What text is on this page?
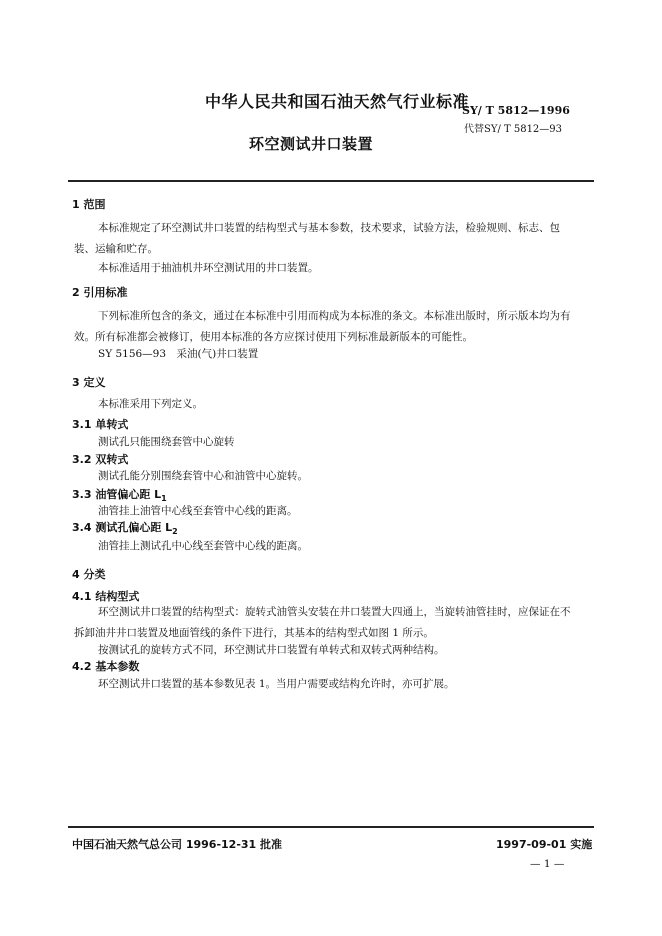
中华人民共和国石油天然气行业标准
SY/ T 5812—1996
代替SY/ T 5812—93
环空测试井口装置
1 范围
本标准规定了环空测试井口装置的结构型式与基本参数，技术要求，试验方法，检验规则、标志、包装、运输和贮存。
本标准适用于抽油机井环空测试用的井口装置。
2 引用标准
下列标准所包含的条文，通过在本标准中引用而构成为本标准的条文。本标准出版时，所示版本均为有效。所有标准都会被修订，使用本标准的各方应探讨使用下列标准最新版本的可能性。
SY 5156—93　采油(气)井口装置
3 定义
本标准采用下列定义。
3.1 单转式
测试孔只能围绕套管中心旋转
3.2 双转式
测试孔能分别围绕套管中心和油管中心旋转。
3.3 油管偏心距 $L_1$
油管挂上油管中心线至套管中心线的距离。
3.4 测试孔偏心距 $L_2$
油管挂上测试孔中心线至套管中心线的距离。
4 分类
4.1 结构型式
环空测试井口装置的结构型式：旋转式油管头安装在井口装置大四通上，当旋转油管挂时，应保证在不拆卸油井井口装置及地面管线的条件下进行，其基本的结构型式如图 1 所示。
按测试孔的旋转方式不同，环空测试井口装置有单转式和双转式两种结构。
4.2 基本参数
环空测试井口装置的基本参数见表 1。当用户需要或结构允许时，亦可扩展。
中国石油天然气总公司 1996-12-31 批准	1997-09-01 实施
— 1 —
